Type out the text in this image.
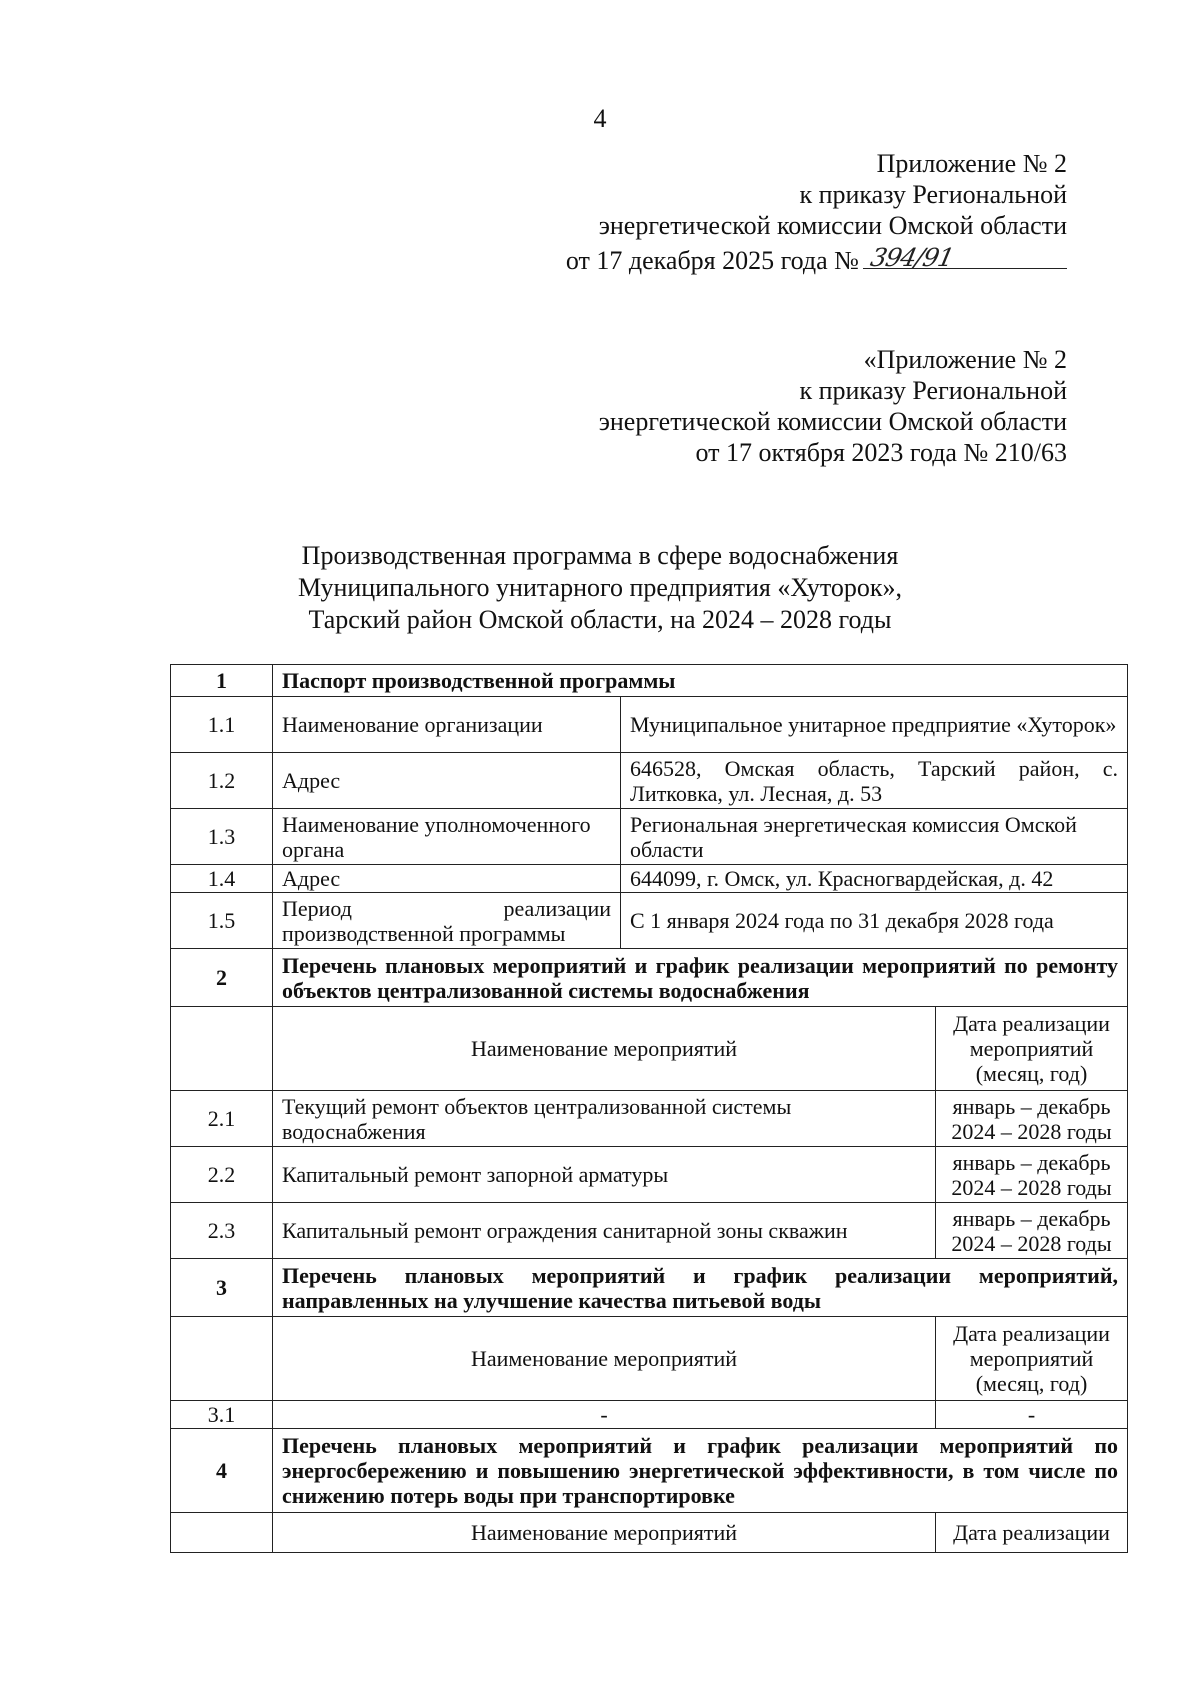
4
Приложение № 2
к приказу Региональной
энергетической комиссии Омской области
от 17 декабря 2025 года № 394/91
«Приложение № 2
к приказу Региональной
энергетической комиссии Омской области
от 17 октября 2023 года № 210/63
Производственная программа в сфере водоснабжения
Муниципального унитарного предприятия «Хуторок»,
Тарский район Омской области, на 2024 – 2028 годы
1	Паспорт производственной программы		
1.1	Наименование организации	Муниципальное унитарное предприятие «Хуторок»	
1.2	Адрес	646528, Омская область, Тарский район, с. Литковка, ул. Лесная, д. 53	
1.3	Наименование уполномоченного органа	Региональная энергетическая комиссия Омской области	
1.4	Адрес	644099, г. Омск, ул. Красногвардейская, д. 42	
1.5	Период реализации производственной программы	С 1 января 2024 года по 31 декабря 2028 года	
2	Перечень плановых мероприятий и график реализации мероприятий по ремонту объектов централизованной системы водоснабжения		
	Наименование мероприятий		Дата реализации мероприятий (месяц, год)
2.1	Текущий ремонт объектов централизованной системы водоснабжения		январь – декабрь 2024 – 2028 годы
2.2	Капитальный ремонт запорной арматуры		январь – декабрь 2024 – 2028 годы
2.3	Капитальный ремонт ограждения санитарной зоны скважин		январь – декабрь 2024 – 2028 годы
3	Перечень плановых мероприятий и график реализации мероприятий, направленных на улучшение качества питьевой воды		
	Наименование мероприятий		Дата реализации мероприятий (месяц, год)
3.1	-		-
4	Перечень плановых мероприятий и график реализации мероприятий по энергосбережению и повышению энергетической эффективности, в том числе по снижению потерь воды при транспортировке		
	Наименование мероприятий		Дата реализации
